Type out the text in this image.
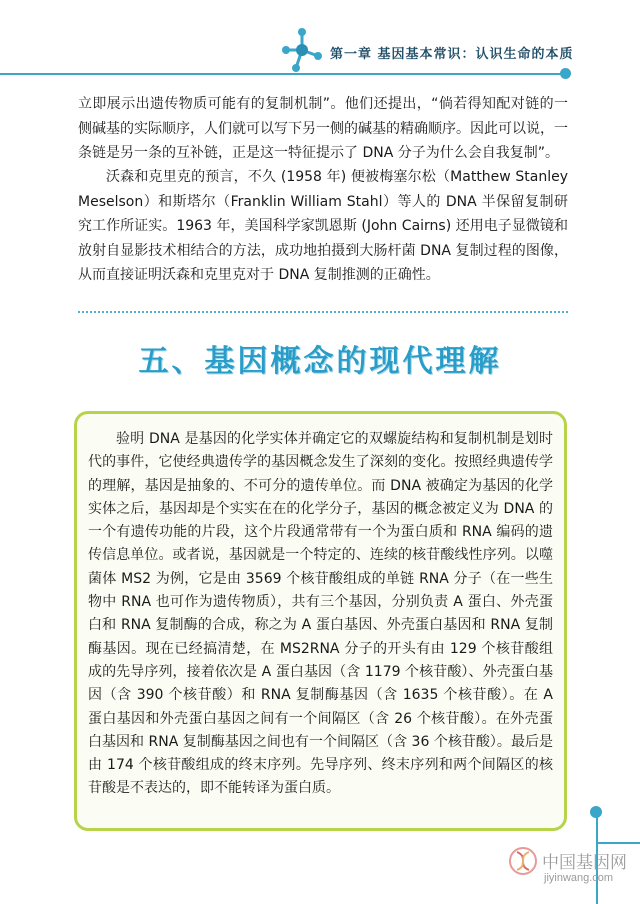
第一章 基因基本常识：认识生命的本质

立即展示出遗传物质可能有的复制机制”。他们还提出，“倘若得知配对链的一侧碱基的实际顺序，人们就可以写下另一侧的碱基的精确顺序。因此可以说，一条链是另一条的互补链，正是这一特征提示了 DNA 分子为什么会自我复制”。

沃森和克里克的预言，不久 (1958 年) 便被梅塞尔松（Matthew Stanley Meselson）和斯塔尔（Franklin William Stahl）等人的 DNA 半保留复制研究工作所证实。1963 年，美国科学家凯恩斯 (John Cairns) 还用电子显微镜和放射自显影技术相结合的方法，成功地拍摄到大肠杆菌 DNA 复制过程的图像，从而直接证明沃森和克里克对于 DNA 复制推测的正确性。

五、基因概念的现代理解

验明 DNA 是基因的化学实体并确定它的双螺旋结构和复制机制是划时代的事件，它使经典遗传学的基因概念发生了深刻的变化。按照经典遗传学的理解，基因是抽象的、不可分的遗传单位。而 DNA 被确定为基因的化学实体之后，基因却是个实实在在的化学分子，基因的概念被定义为 DNA 的一个有遗传功能的片段，这个片段通常带有一个为蛋白质和 RNA 编码的遗传信息单位。或者说，基因就是一个特定的、连续的核苷酸线性序列。以噬菌体 MS2 为例，它是由 3569 个核苷酸组成的单链 RNA 分子（在一些生物中 RNA 也可作为遗传物质），共有三个基因，分别负责 A 蛋白、外壳蛋白和 RNA 复制酶的合成，称之为 A 蛋白基因、外壳蛋白基因和 RNA 复制酶基因。现在已经搞清楚，在 MS2RNA 分子的开头有由 129 个核苷酸组成的先导序列，接着依次是 A 蛋白基因（含 1179 个核苷酸）、外壳蛋白基因（含 390 个核苷酸）和 RNA 复制酶基因（含 1635 个核苷酸）。在 A 蛋白基因和外壳蛋白基因之间有一个间隔区（含 26 个核苷酸）。在外壳蛋白基因和 RNA 复制酶基因之间也有一个间隔区（含 36 个核苷酸）。最后是由 174 个核苷酸组成的终末序列。先导序列、终末序列和两个间隔区的核苷酸是不表达的，即不能转译为蛋白质。

中国基因网
jiyinwang.com
